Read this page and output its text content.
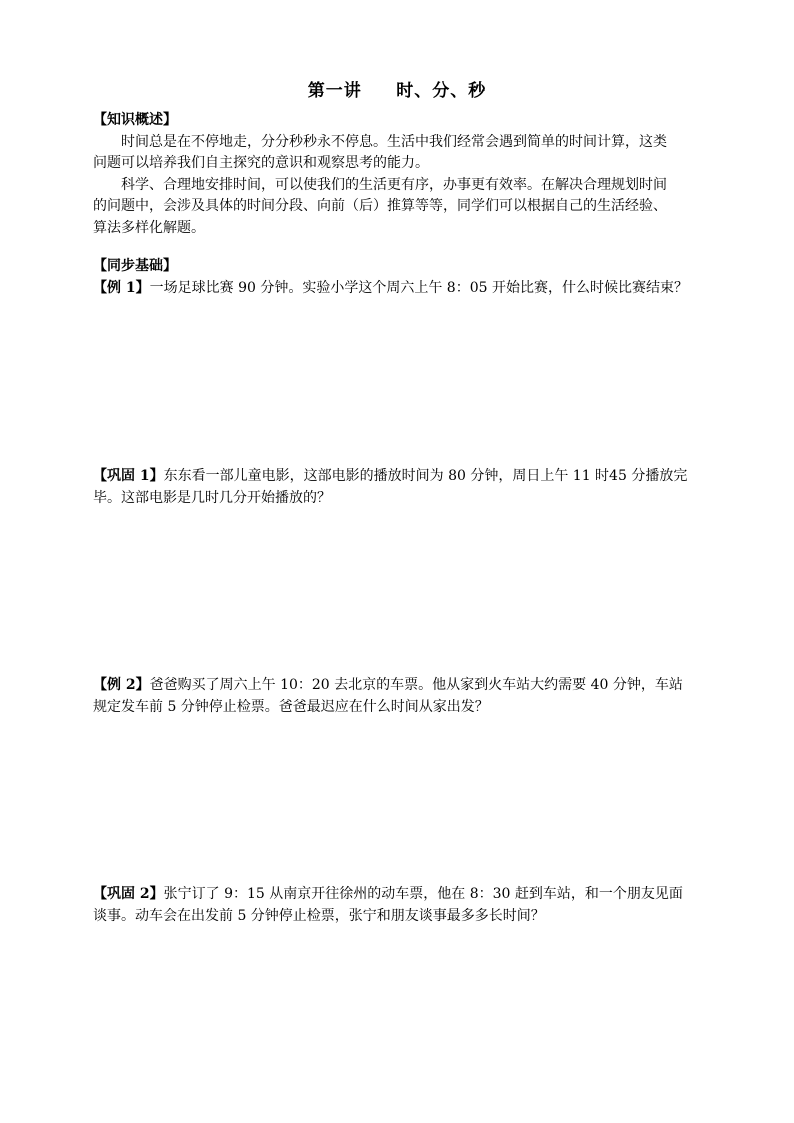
第一讲     时、分、秒
【知识概述】
时间总是在不停地走，分分秒秒永不停息。生活中我们经常会遇到简单的时间计算，这类
问题可以培养我们自主探究的意识和观察思考的能力。
科学、合理地安排时间，可以使我们的生活更有序，办事更有效率。在解决合理规划时间
的问题中，会涉及具体的时间分段、向前（后）推算等等，同学们可以根据自己的生活经验、
算法多样化解题。
【同步基础】
【例 1】一场足球比赛 90 分钟。实验小学这个周六上午 8：05 开始比赛，什么时候比赛结束？
【巩固 1】东东看一部儿童电影，这部电影的播放时间为 80 分钟，周日上午 11 时45 分播放完
毕。这部电影是几时几分开始播放的？
【例 2】爸爸购买了周六上午 10：20 去北京的车票。他从家到火车站大约需要 40 分钟，车站
规定发车前 5 分钟停止检票。爸爸最迟应在什么时间从家出发？
【巩固 2】张宁订了 9：15 从南京开往徐州的动车票，他在 8：30 赶到车站，和一个朋友见面
谈事。动车会在出发前 5 分钟停止检票，张宁和朋友谈事最多多长时间？
